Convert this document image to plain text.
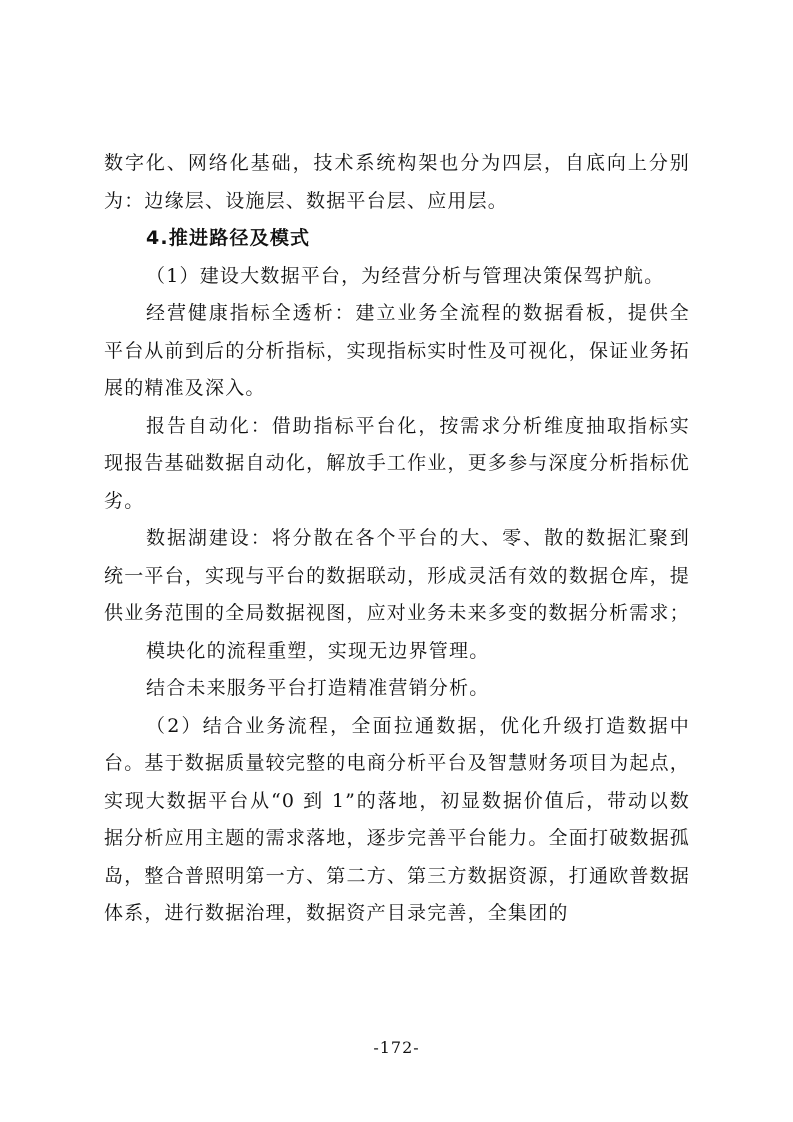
数字化、网络化基础，技术系统构架也分为四层，自底向上分别为：边缘层、设施层、数据平台层、应用层。

4.推进路径及模式

（1）建设大数据平台，为经营分析与管理决策保驾护航。

经营健康指标全透析：建立业务全流程的数据看板，提供全平台从前到后的分析指标，实现指标实时性及可视化，保证业务拓展的精准及深入。

报告自动化：借助指标平台化，按需求分析维度抽取指标实现报告基础数据自动化，解放手工作业，更多参与深度分析指标优劣。

数据湖建设：将分散在各个平台的大、零、散的数据汇聚到统一平台，实现与平台的数据联动，形成灵活有效的数据仓库，提供业务范围的全局数据视图，应对业务未来多变的数据分析需求；

模块化的流程重塑，实现无边界管理。

结合未来服务平台打造精准营销分析。

（2）结合业务流程，全面拉通数据，优化升级打造数据中台。基于数据质量较完整的电商分析平台及智慧财务项目为起点，实现大数据平台从“0 到 1”的落地，初显数据价值后，带动以数据分析应用主题的需求落地，逐步完善平台能力。全面打破数据孤岛，整合普照明第一方、第二方、第三方数据资源，打通欧普数据体系，进行数据治理，数据资产目录完善，全集团的

-172-
